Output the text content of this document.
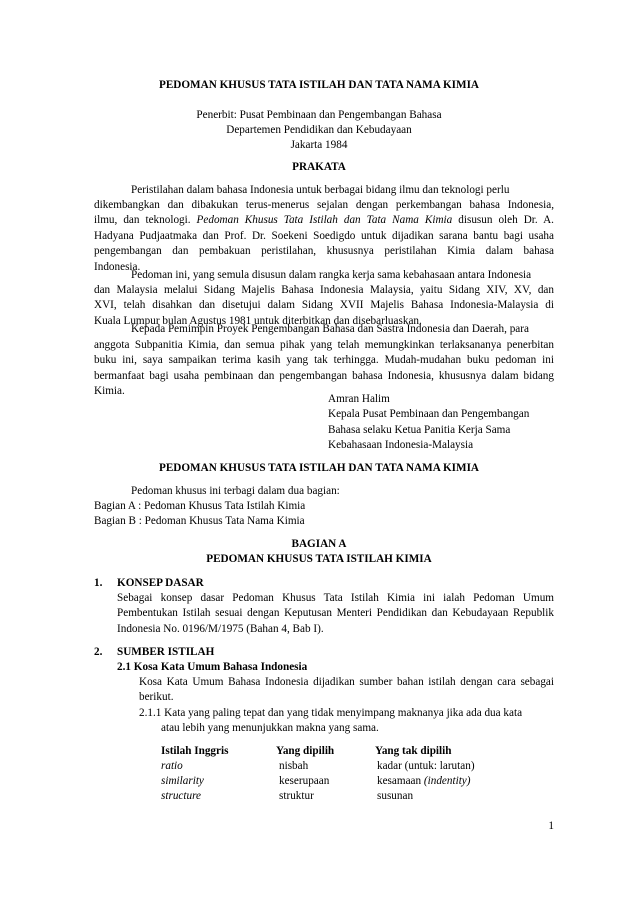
PEDOMAN KHUSUS TATA ISTILAH DAN TATA NAMA KIMIA
Penerbit: Pusat Pembinaan dan Pengembangan Bahasa
Departemen Pendidikan dan Kebudayaan
Jakarta 1984
PRAKATA
Peristilahan dalam bahasa Indonesia untuk berbagai bidang ilmu dan teknologi perlu
dikembangkan dan dibakukan terus-menerus sejalan dengan perkembangan bahasa Indonesia,
ilmu, dan teknologi. Pedoman Khusus Tata Istilah dan Tata Nama Kimia disusun oleh Dr. A.
Hadyana Pudjaatmaka dan Prof. Dr. Soekeni Soedigdo untuk dijadikan sarana bantu bagi usaha
pengembangan dan pembakuan peristilahan, khususnya peristilahan Kimia dalam bahasa
Indonesia.
Pedoman ini, yang semula disusun dalam rangka kerja sama kebahasaan antara Indonesia
dan Malaysia melalui Sidang Majelis Bahasa Indonesia Malaysia, yaitu Sidang XIV, XV, dan
XVI, telah disahkan dan disetujui dalam Sidang XVII Majelis Bahasa Indonesia-Malaysia di
Kuala Lumpur bulan Agustus 1981 untuk diterbitkan dan disebarluaskan.
Kepada Pemimpin Proyek Pengembangan Bahasa dan Sastra Indonesia dan Daerah, para
anggota Subpanitia Kimia, dan semua pihak yang telah memungkinkan terlaksananya penerbitan
buku ini, saya sampaikan terima kasih yang tak terhingga. Mudah-mudahan buku pedoman ini
bermanfaat bagi usaha pembinaan dan pengembangan bahasa Indonesia, khususnya dalam bidang
Kimia.
Amran Halim
Kepala Pusat Pembinaan dan Pengembangan
Bahasa selaku Ketua Panitia Kerja Sama
Kebahasaan Indonesia-Malaysia
PEDOMAN KHUSUS TATA ISTILAH DAN TATA NAMA KIMIA
Pedoman khusus ini terbagi dalam dua bagian:
Bagian A : Pedoman Khusus Tata Istilah Kimia
Bagian B : Pedoman Khusus Tata Nama Kimia
BAGIAN A
PEDOMAN KHUSUS TATA ISTILAH KIMIA
1. KONSEP DASAR
Sebagai konsep dasar Pedoman Khusus Tata Istilah Kimia ini ialah Pedoman Umum
Pembentukan Istilah sesuai dengan Keputusan Menteri Pendidikan dan Kebudayaan Republik
Indonesia No. 0196/M/1975 (Bahan 4, Bab I).
2. SUMBER ISTILAH
2.1 Kosa Kata Umum Bahasa Indonesia
Kosa Kata Umum Bahasa Indonesia dijadikan sumber bahan istilah dengan cara sebagai
berikut.
2.1.1 Kata yang paling tepat dan yang tidak menyimpang maknanya jika ada dua kata
atau lebih yang menunjukkan makna yang sama.
Istilah Inggris	Yang dipilih	Yang tak dipilih
ratio	nisbah	kadar (untuk: larutan)
similarity	keserupaan	kesamaan (indentity)
structure	struktur	susunan
1
